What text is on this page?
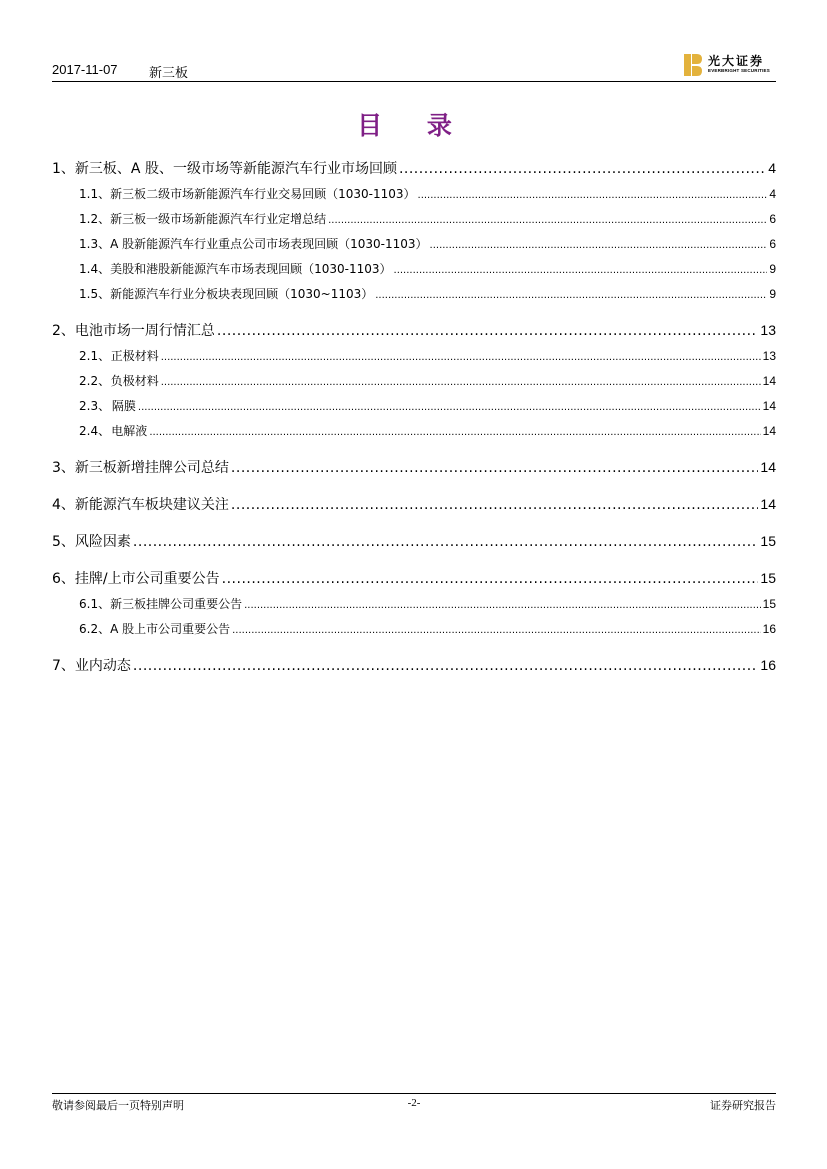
2017-11-07 新三板
光大证券
EVERBRIGHT SECURITIES
目 录
1、 新三板、A 股、一级市场等新能源汽车行业市场回顾 .....	4
1.1、 新三板二级市场新能源汽车行业交易回顾（1030-1103） .....	4
1.2、 新三板一级市场新能源汽车行业定增总结 .....	6
1.3、 A 股新能源汽车行业重点公司市场表现回顾（1030-1103） .....	6
1.4、 美股和港股新能源汽车市场表现回顾（1030-1103） .....	9
1.5、 新能源汽车行业分板块表现回顾（1030~1103） .....	9
2、 电池市场一周行情汇总 .....	13
2.1、 正极材料 .....	13
2.2、 负极材料 .....	14
2.3、 隔膜 .....	14
2.4、 电解液 .....	14
3、 新三板新增挂牌公司总结 .....	14
4、 新能源汽车板块建议关注 .....	14
5、 风险因素 .....	15
6、 挂牌/上市公司重要公告 .....	15
6.1、 新三板挂牌公司重要公告 .....	15
6.2、 A 股上市公司重要公告 .....	16
7、 业内动态 .....	16
敬请参阅最后一页特别声明	-2-	证券研究报告
